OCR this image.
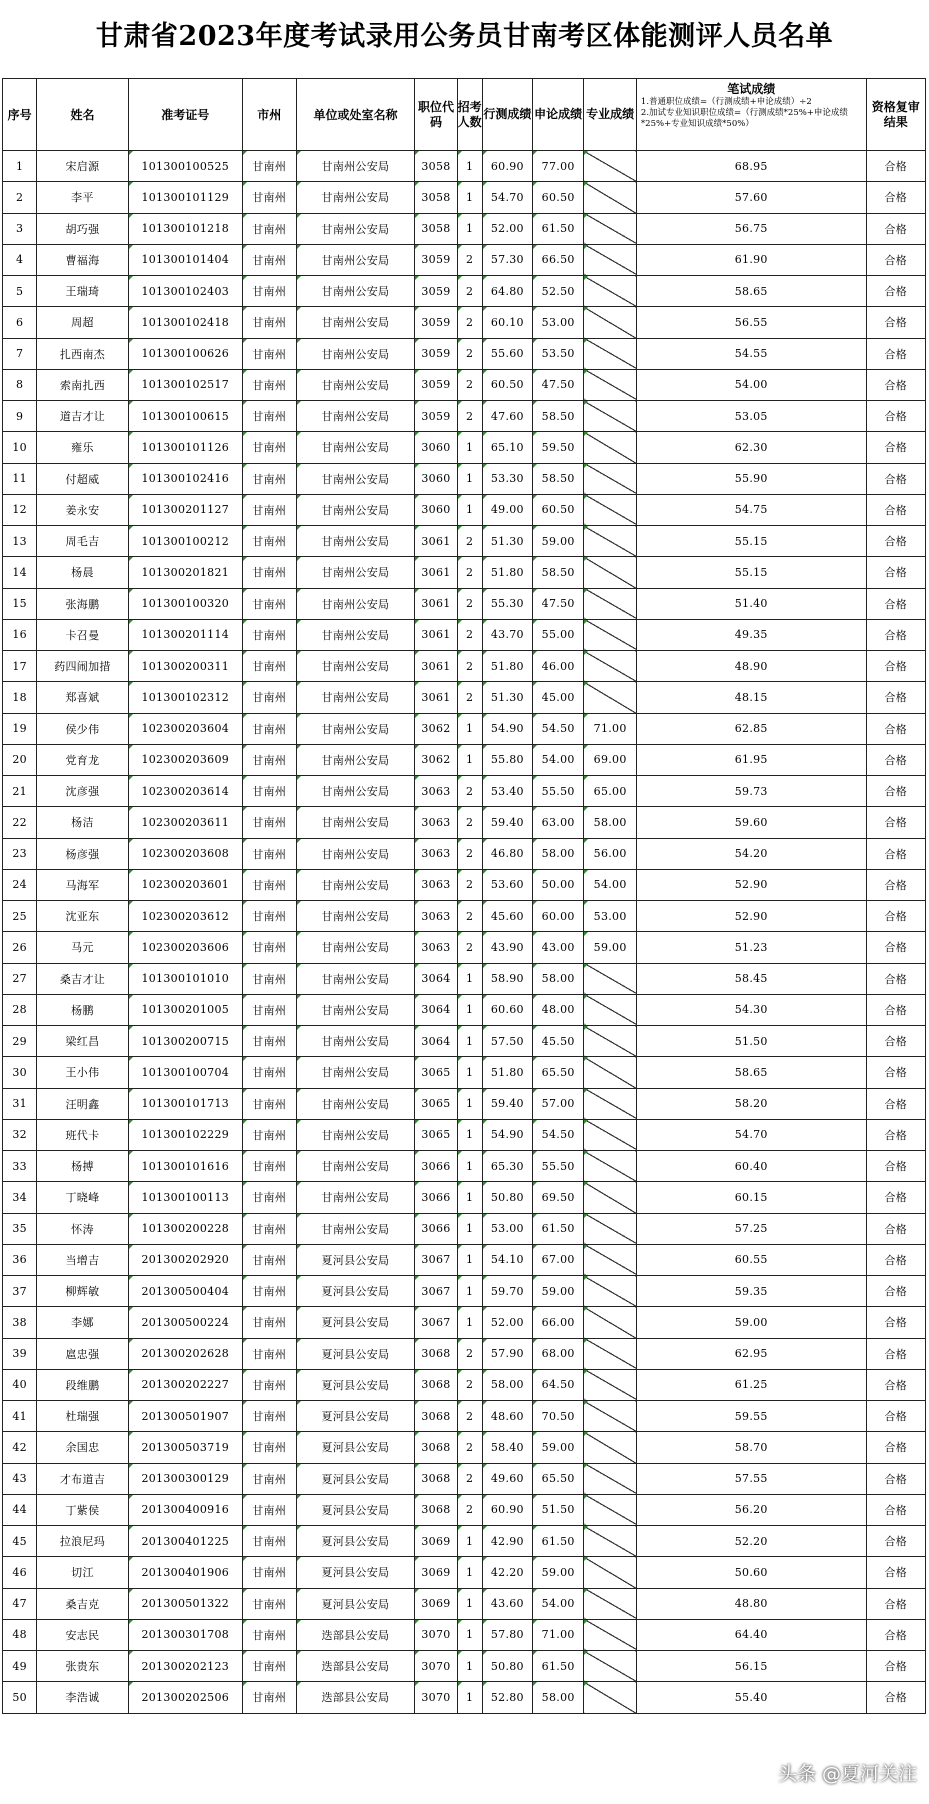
甘肃省2023年度考试录用公务员甘南考区体能测评人员名单
序号	姓名	准考证号	市州	单位或处室名称	职位代码	招考人数	行测成绩	申论成绩	专业成绩	笔试成绩
1.普通职位成绩=（行测成绩+申论成绩）÷2
2.加试专业知识职位成绩=（行测成绩*25%+申论成绩*25%+专业知识成绩*50%）	资格复审结果
1	宋启源	101300100525	甘南州	甘南州公安局	3058	1	60.90	77.00		68.95	合格
2	李平	101300101129	甘南州	甘南州公安局	3058	1	54.70	60.50		57.60	合格
3	胡巧强	101300101218	甘南州	甘南州公安局	3058	1	52.00	61.50		56.75	合格
4	曹福海	101300101404	甘南州	甘南州公安局	3059	2	57.30	66.50		61.90	合格
5	王瑞琦	101300102403	甘南州	甘南州公安局	3059	2	64.80	52.50		58.65	合格
6	周超	101300102418	甘南州	甘南州公安局	3059	2	60.10	53.00		56.55	合格
7	扎西南杰	101300100626	甘南州	甘南州公安局	3059	2	55.60	53.50		54.55	合格
8	索南扎西	101300102517	甘南州	甘南州公安局	3059	2	60.50	47.50		54.00	合格
9	道吉才让	101300100615	甘南州	甘南州公安局	3059	2	47.60	58.50		53.05	合格
10	雍乐	101300101126	甘南州	甘南州公安局	3060	1	65.10	59.50		62.30	合格
11	付超威	101300102416	甘南州	甘南州公安局	3060	1	53.30	58.50		55.90	合格
12	姜永安	101300201127	甘南州	甘南州公安局	3060	1	49.00	60.50		54.75	合格
13	周毛吉	101300100212	甘南州	甘南州公安局	3061	2	51.30	59.00		55.15	合格
14	杨晨	101300201821	甘南州	甘南州公安局	3061	2	51.80	58.50		55.15	合格
15	张海鹏	101300100320	甘南州	甘南州公安局	3061	2	55.30	47.50		51.40	合格
16	卡召曼	101300201114	甘南州	甘南州公安局	3061	2	43.70	55.00		49.35	合格
17	药四闹加措	101300200311	甘南州	甘南州公安局	3061	2	51.80	46.00		48.90	合格
18	郑喜斌	101300102312	甘南州	甘南州公安局	3061	2	51.30	45.00		48.15	合格
19	侯少伟	102300203604	甘南州	甘南州公安局	3062	1	54.90	54.50	71.00	62.85	合格
20	党育龙	102300203609	甘南州	甘南州公安局	3062	1	55.80	54.00	69.00	61.95	合格
21	沈彦强	102300203614	甘南州	甘南州公安局	3063	2	53.40	55.50	65.00	59.73	合格
22	杨洁	102300203611	甘南州	甘南州公安局	3063	2	59.40	63.00	58.00	59.60	合格
23	杨彦强	102300203608	甘南州	甘南州公安局	3063	2	46.80	58.00	56.00	54.20	合格
24	马海军	102300203601	甘南州	甘南州公安局	3063	2	53.60	50.00	54.00	52.90	合格
25	沈亚东	102300203612	甘南州	甘南州公安局	3063	2	45.60	60.00	53.00	52.90	合格
26	马元	102300203606	甘南州	甘南州公安局	3063	2	43.90	43.00	59.00	51.23	合格
27	桑吉才让	101300101010	甘南州	甘南州公安局	3064	1	58.90	58.00		58.45	合格
28	杨鹏	101300201005	甘南州	甘南州公安局	3064	1	60.60	48.00		54.30	合格
29	梁红昌	101300200715	甘南州	甘南州公安局	3064	1	57.50	45.50		51.50	合格
30	王小伟	101300100704	甘南州	甘南州公安局	3065	1	51.80	65.50		58.65	合格
31	汪明鑫	101300101713	甘南州	甘南州公安局	3065	1	59.40	57.00		58.20	合格
32	班代卡	101300102229	甘南州	甘南州公安局	3065	1	54.90	54.50		54.70	合格
33	杨搏	101300101616	甘南州	甘南州公安局	3066	1	65.30	55.50		60.40	合格
34	丁晓峰	101300100113	甘南州	甘南州公安局	3066	1	50.80	69.50		60.15	合格
35	怀涛	101300200228	甘南州	甘南州公安局	3066	1	53.00	61.50		57.25	合格
36	当增吉	201300202920	甘南州	夏河县公安局	3067	1	54.10	67.00		60.55	合格
37	柳辉敏	201300500404	甘南州	夏河县公安局	3067	1	59.70	59.00		59.35	合格
38	李娜	201300500224	甘南州	夏河县公安局	3067	1	52.00	66.00		59.00	合格
39	扈忠强	201300202628	甘南州	夏河县公安局	3068	2	57.90	68.00		62.95	合格
40	段维鹏	201300202227	甘南州	夏河县公安局	3068	2	58.00	64.50		61.25	合格
41	杜瑞强	201300501907	甘南州	夏河县公安局	3068	2	48.60	70.50		59.55	合格
42	余国忠	201300503719	甘南州	夏河县公安局	3068	2	58.40	59.00		58.70	合格
43	才布道吉	201300300129	甘南州	夏河县公安局	3068	2	49.60	65.50		57.55	合格
44	丁紫侯	201300400916	甘南州	夏河县公安局	3068	2	60.90	51.50		56.20	合格
45	拉浪尼玛	201300401225	甘南州	夏河县公安局	3069	1	42.90	61.50		52.20	合格
46	切江	201300401906	甘南州	夏河县公安局	3069	1	42.20	59.00		50.60	合格
47	桑吉克	201300501322	甘南州	夏河县公安局	3069	1	43.60	54.00		48.80	合格
48	安志民	201300301708	甘南州	迭部县公安局	3070	1	57.80	71.00		64.40	合格
49	张贵东	201300202123	甘南州	迭部县公安局	3070	1	50.80	61.50		56.15	合格
50	李浩诚	201300202506	甘南州	迭部县公安局	3070	1	52.80	58.00		55.40	合格
头条 @夏河关注
